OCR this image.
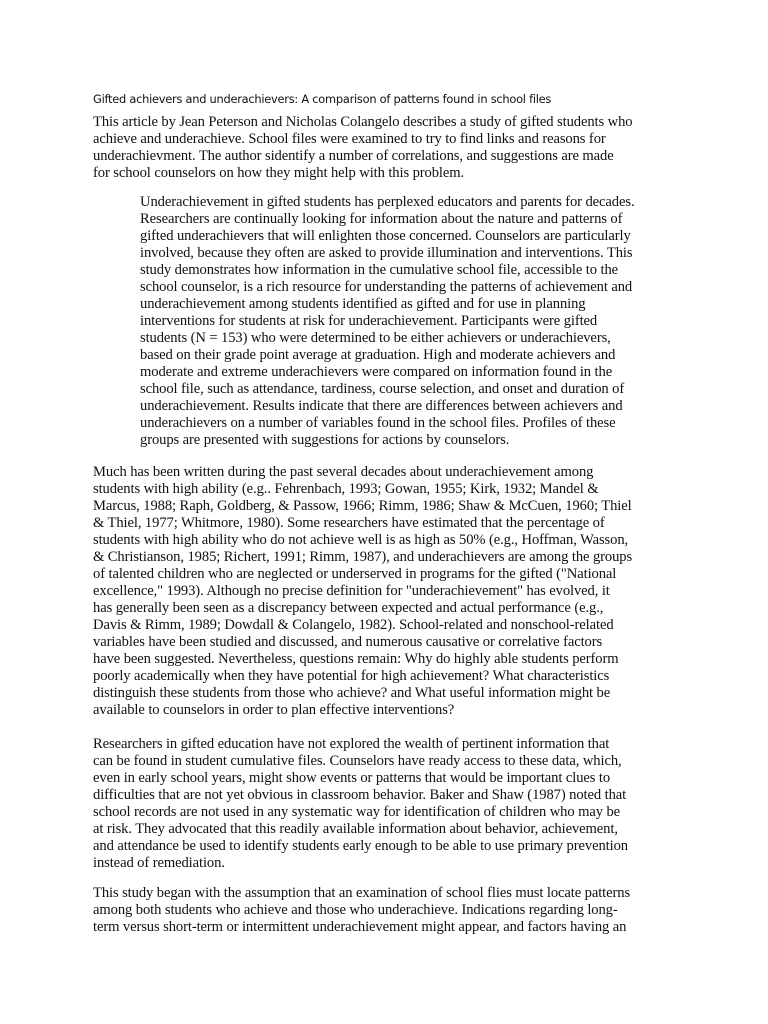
Gifted achievers and underachievers: A comparison of patterns found in school files

This article by Jean Peterson and Nicholas Colangelo describes a study of gifted students who
achieve and underachieve. School files were examined to try to find links and reasons for
underachievment. The author sidentify a number of correlations, and suggestions are made
for school counselors on how they might help with this problem.

Underachievement in gifted students has perplexed educators and parents for decades.
Researchers are continually looking for information about the nature and patterns of
gifted underachievers that will enlighten those concerned. Counselors are particularly
involved, because they often are asked to provide illumination and interventions. This
study demonstrates how information in the cumulative school file, accessible to the
school counselor, is a rich resource for understanding the patterns of achievement and
underachievement among students identified as gifted and for use in planning
interventions for students at risk for underachievement. Participants were gifted
students (N = 153) who were determined to be either achievers or underachievers,
based on their grade point average at graduation. High and moderate achievers and
moderate and extreme underachievers were compared on information found in the
school file, such as attendance, tardiness, course selection, and onset and duration of
underachievement. Results indicate that there are differences between achievers and
underachievers on a number of variables found in the school files. Profiles of these
groups are presented with suggestions for actions by counselors.

Much has been written during the past several decades about underachievement among
students with high ability (e.g.. Fehrenbach, 1993; Gowan, 1955; Kirk, 1932; Mandel &
Marcus, 1988; Raph, Goldberg, & Passow, 1966; Rimm, 1986; Shaw & McCuen, 1960; Thiel
& Thiel, 1977; Whitmore, 1980). Some researchers have estimated that the percentage of
students with high ability who do not achieve well is as high as 50% (e.g., Hoffman, Wasson,
& Christianson, 1985; Richert, 1991; Rimm, 1987), and underachievers are among the groups
of talented children who are neglected or underserved in programs for the gifted ("National
excellence," 1993). Although no precise definition for "underachievement" has evolved, it
has generally been seen as a discrepancy between expected and actual performance (e.g.,
Davis & Rimm, 1989; Dowdall & Colangelo, 1982). School-related and nonschool-related
variables have been studied and discussed, and numerous causative or correlative factors
have been suggested. Nevertheless, questions remain: Why do highly able students perform
poorly academically when they have potential for high achievement? What characteristics
distinguish these students from those who achieve? and What useful information might be
available to counselors in order to plan effective interventions?

Researchers in gifted education have not explored the wealth of pertinent information that
can be found in student cumulative files. Counselors have ready access to these data, which,
even in early school years, might show events or patterns that would be important clues to
difficulties that are not yet obvious in classroom behavior. Baker and Shaw (1987) noted that
school records are not used in any systematic way for identification of children who may be
at risk. They advocated that this readily available information about behavior, achievement,
and attendance be used to identify students early enough to be able to use primary prevention
instead of remediation.

This study began with the assumption that an examination of school flies must locate patterns
among both students who achieve and those who underachieve. Indications regarding long-
term versus short-term or intermittent underachievement might appear, and factors having an
